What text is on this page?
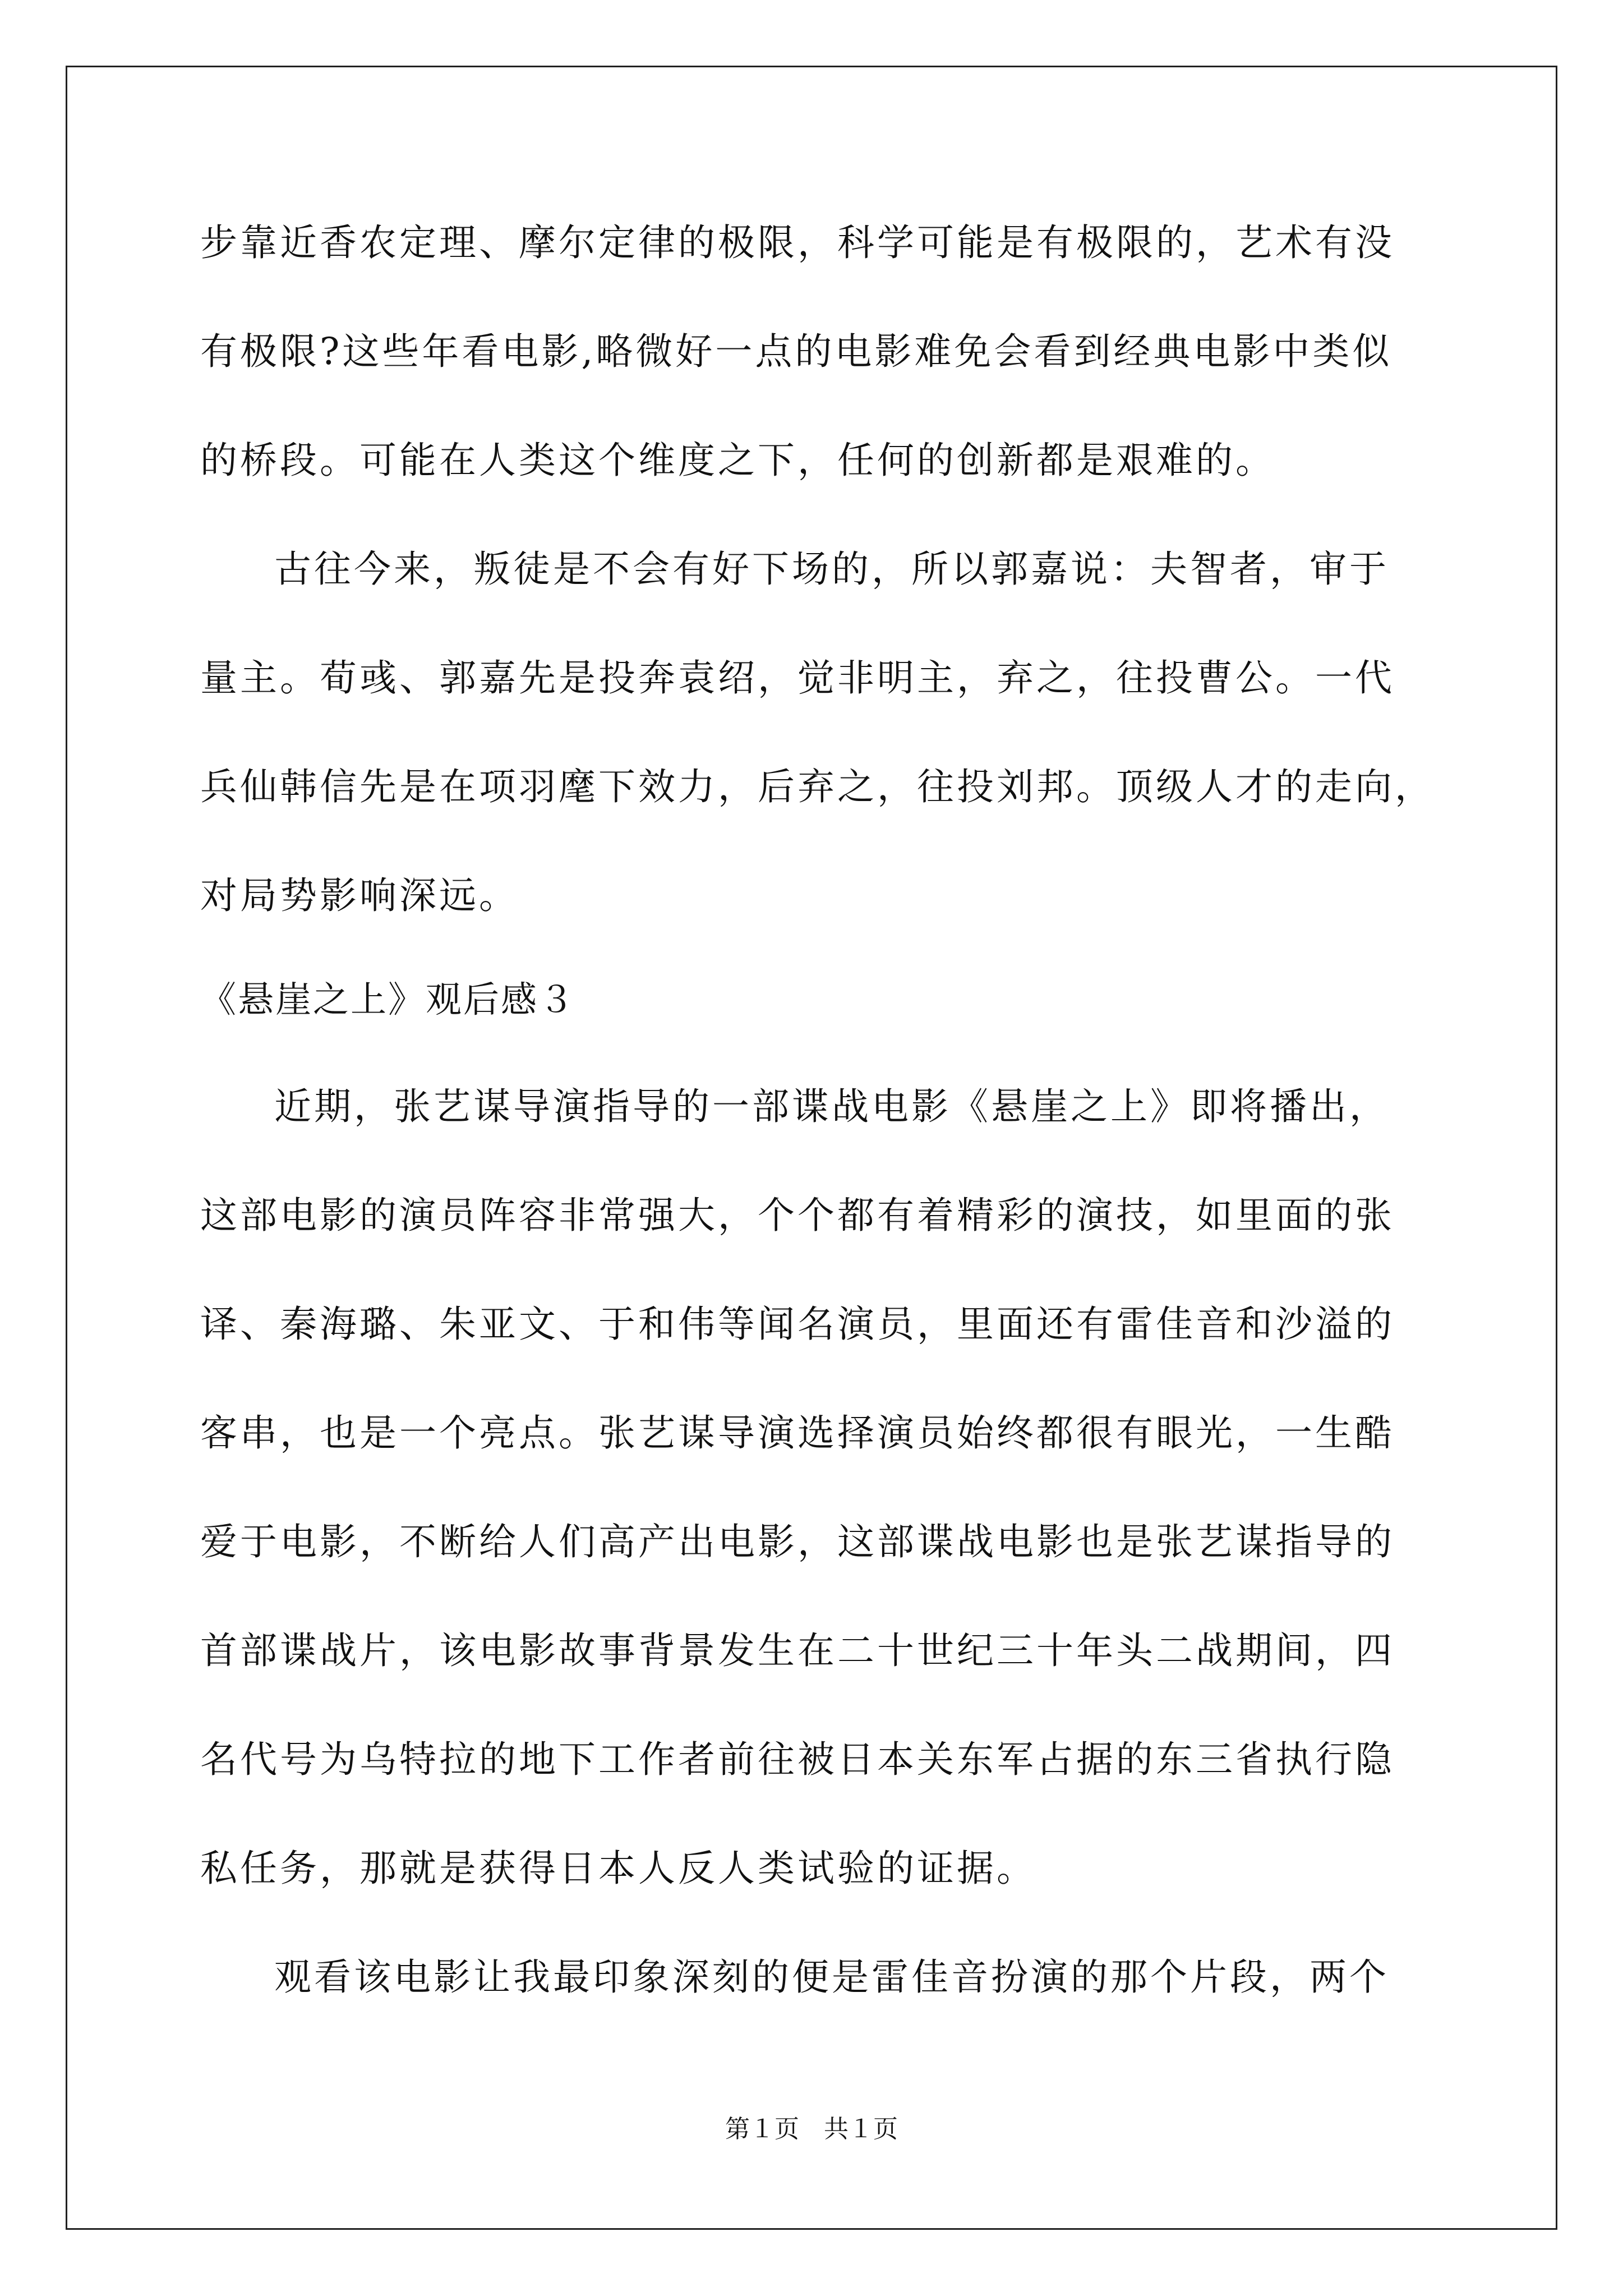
步靠近香农定理、摩尔定律的极限，科学可能是有极限的，艺术有没
有极限?这些年看电影,略微好一点的电影难免会看到经典电影中类似
的桥段。可能在人类这个维度之下，任何的创新都是艰难的。
古往今来，叛徒是不会有好下场的，所以郭嘉说：夫智者，审于
量主。荀彧、郭嘉先是投奔袁绍，觉非明主，弃之，往投曹公。一代
兵仙韩信先是在项羽麾下效力，后弃之，往投刘邦。顶级人才的走向，
对局势影响深远。
《悬崖之上》观后感３
近期，张艺谋导演指导的一部谍战电影《悬崖之上》即将播出，
这部电影的演员阵容非常强大，个个都有着精彩的演技，如里面的张
译、秦海璐、朱亚文、于和伟等闻名演员，里面还有雷佳音和沙溢的
客串，也是一个亮点。张艺谋导演选择演员始终都很有眼光，一生酷
爱于电影，不断给人们高产出电影，这部谍战电影也是张艺谋指导的
首部谍战片，该电影故事背景发生在二十世纪三十年头二战期间，四
名代号为乌特拉的地下工作者前往被日本关东军占据的东三省执行隐
私任务，那就是获得日本人反人类试验的证据。
观看该电影让我最印象深刻的便是雷佳音扮演的那个片段，两个
第１页　共１页
